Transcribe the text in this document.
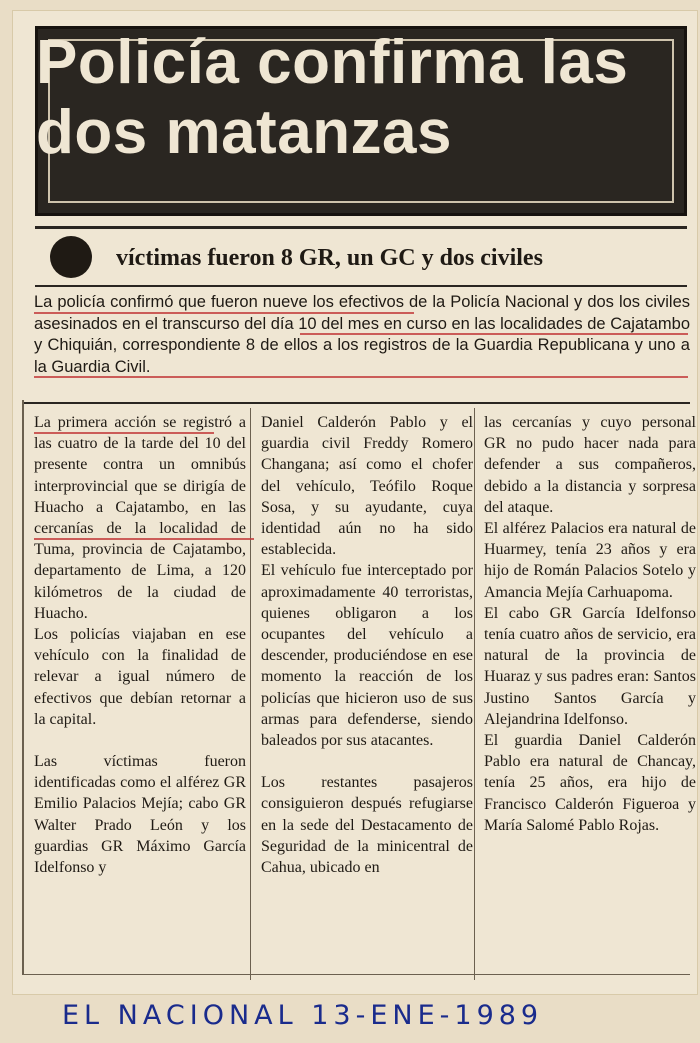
Policía confirma las dos matanzas
víctimas fueron 8 GR, un GC y dos civiles
La policía confirmó que fueron nueve los efectivos de la Policía Nacional y dos los civiles asesinados en el transcurso del día 10 del mes en curso en las localidades de Cajatambo y Chiquián, correspondiente 8 de ellos a los registros de la Guardia Republicana y uno a la Guardia Civil.

La primera acción se registró a las cuatro de la tarde del 10 del presente contra un omnibús interprovincial que se dirigía de Huacho a Cajatambo, en las cercanías de la localidad de Tuma, provincia de Cajatambo, departamento de Lima, a 120 kilómetros de la ciudad de Huacho.

Los policías viajaban en ese vehículo con la finalidad de relevar a igual número de efectivos que debían retornar a la capital.

Las víctimas fueron identificadas como el alférez GR Emilio Palacios Mejía; cabo GR Walter Prado León y los guardias GR Máximo García Idelfonso y

Daniel Calderón Pablo y el guardia civil Freddy Romero Changana; así como el chofer del vehículo, Teófilo Roque Sosa, y su ayudante, cuya identidad aún no ha sido establecida.

El vehículo fue interceptado por aproximadamente 40 terroristas, quienes obligaron a los ocupantes del vehículo a descender, produciéndose en ese momento la reacción de los policías que hicieron uso de sus armas para defenderse, siendo baleados por sus atacantes.

Los restantes pasajeros consiguieron después refugiarse en la sede del Destacamento de Seguridad de la minicentral de Cahua, ubicado en

las cercanías y cuyo personal GR no pudo hacer nada para defender a sus compañeros, debido a la distancia y sorpresa del ataque.

El alférez Palacios era natural de Huarmey, tenía 23 años y era hijo de Román Palacios Sotelo y Amancia Mejía Carhuapoma.

El cabo GR García Idelfonso tenía cuatro años de servicio, era natural de la provincia de Huaraz y sus padres eran: Santos Justino Santos García y Alejandrina Idelfonso.

El guardia Daniel Calderón Pablo era natural de Chancay, tenía 25 años, era hijo de Francisco Calderón Figueroa y María Salomé Pablo Rojas.

EL NACIONAL 13-ENE-1989
